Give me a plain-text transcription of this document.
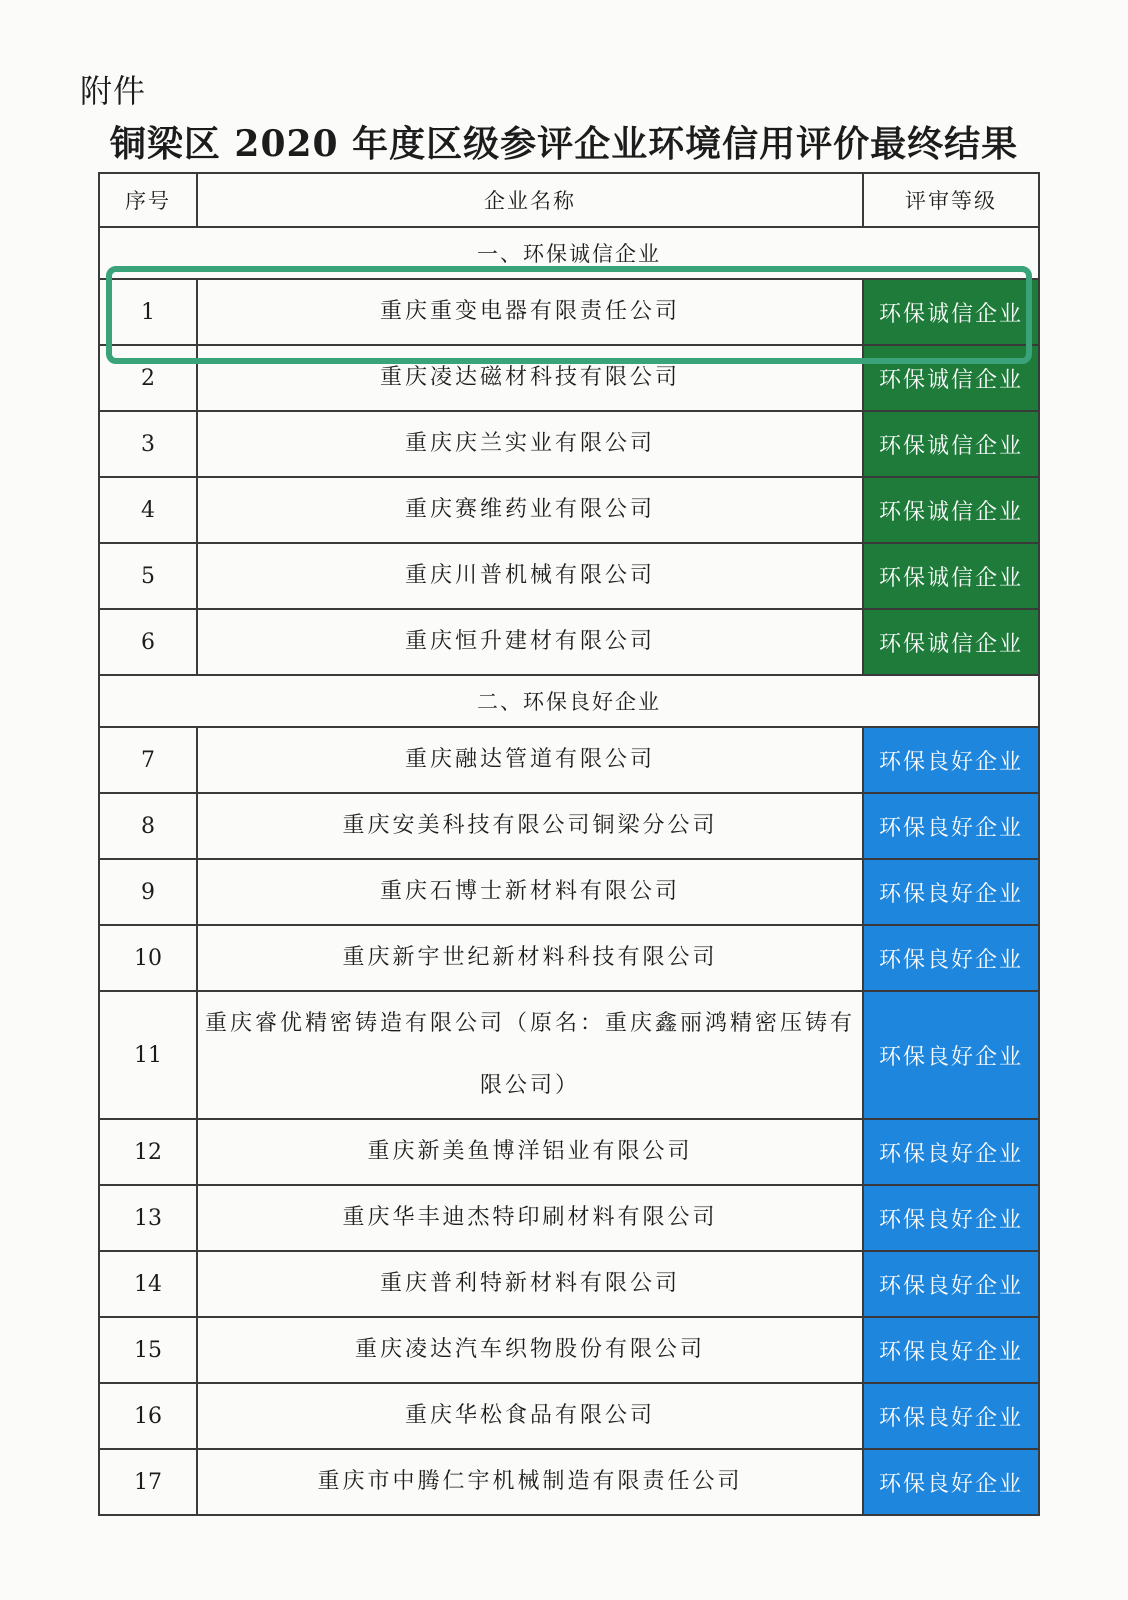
附件
铜梁区 2020 年度区级参评企业环境信用评价最终结果
序号	企业名称	评审等级
一、环保诚信企业		
1	重庆重变电器有限责任公司	环保诚信企业
2	重庆凌达磁材科技有限公司	环保诚信企业
3	重庆庆兰实业有限公司	环保诚信企业
4	重庆赛维药业有限公司	环保诚信企业
5	重庆川普机械有限公司	环保诚信企业
6	重庆恒升建材有限公司	环保诚信企业
二、环保良好企业		
7	重庆融达管道有限公司	环保良好企业
8	重庆安美科技有限公司铜梁分公司	环保良好企业
9	重庆石博士新材料有限公司	环保良好企业
10	重庆新宇世纪新材料科技有限公司	环保良好企业
11	重庆睿优精密铸造有限公司（原名：重庆鑫丽鸿精密压铸有限公司）	环保良好企业
12	重庆新美鱼博洋铝业有限公司	环保良好企业
13	重庆华丰迪杰特印刷材料有限公司	环保良好企业
14	重庆普利特新材料有限公司	环保良好企业
15	重庆凌达汽车织物股份有限公司	环保良好企业
16	重庆华松食品有限公司	环保良好企业
17	重庆市中腾仁宇机械制造有限责任公司	环保良好企业
